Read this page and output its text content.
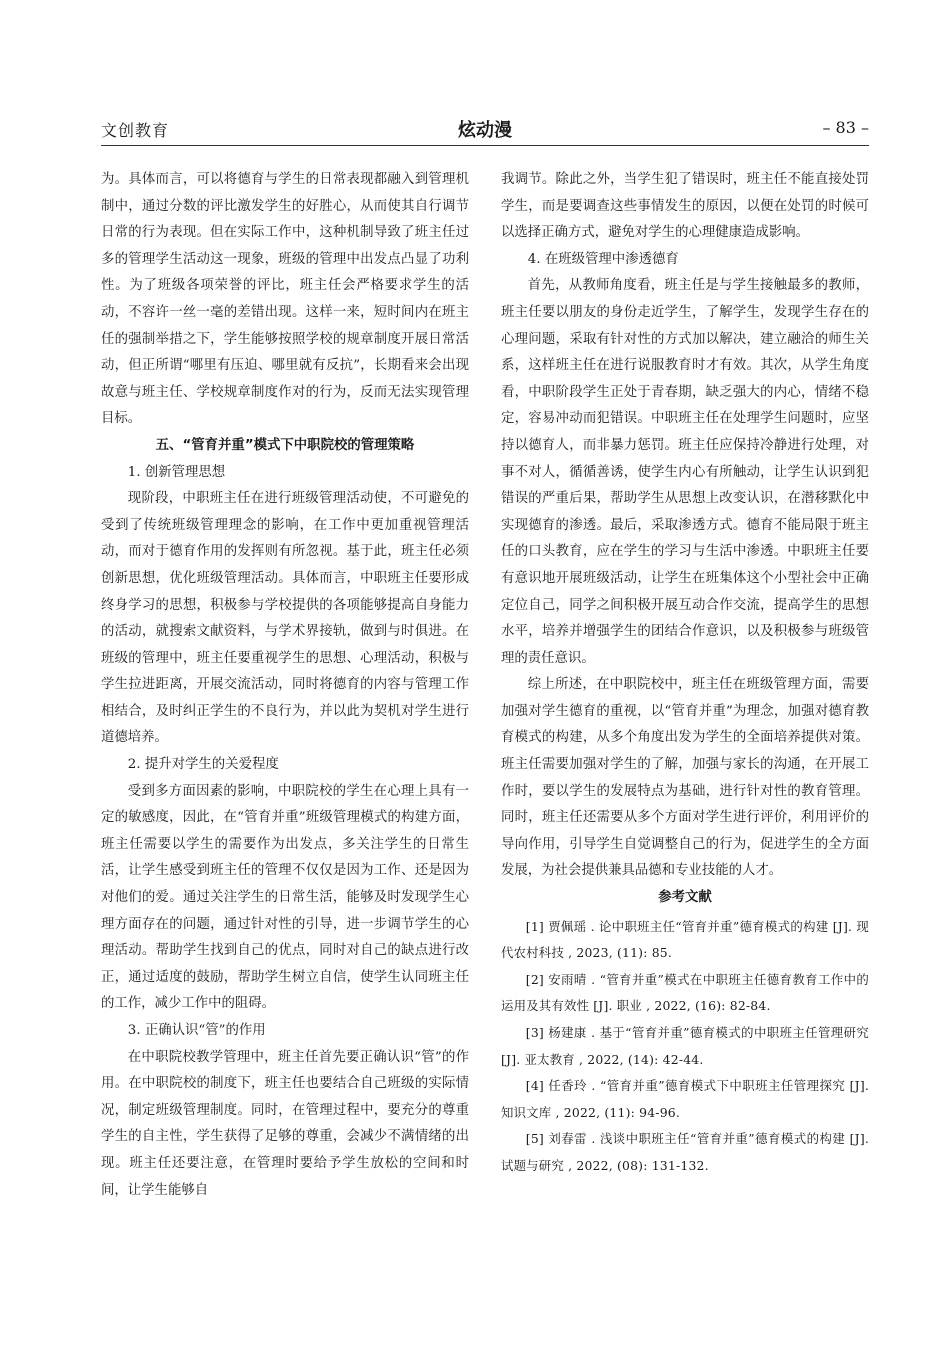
文创教育	炫动漫	– 83 –

为。具体而言，可以将德育与学生的日常表现都融入到管理机制中，通过分数的评比激发学生的好胜心，从而使其自行调节日常的行为表现。但在实际工作中，这种机制导致了班主任过多的管理学生活动这一现象，班级的管理中出发点凸显了功利性。为了班级各项荣誉的评比，班主任会严格要求学生的活动，不容许一丝一毫的差错出现。这样一来，短时间内在班主任的强制举措之下，学生能够按照学校的规章制度开展日常活动，但正所谓“哪里有压迫、哪里就有反抗”，长期看来会出现故意与班主任、学校规章制度作对的行为，反而无法实现管理目标。

五、“管育并重”模式下中职院校的管理策略
1. 创新管理思想

现阶段，中职班主任在进行班级管理活动使，不可避免的受到了传统班级管理理念的影响，在工作中更加重视管理活动，而对于德育作用的发挥则有所忽视。基于此，班主任必须创新思想，优化班级管理活动。具体而言，中职班主任要形成终身学习的思想，积极参与学校提供的各项能够提高自身能力的活动，就搜索文献资料，与学术界接轨，做到与时俱进。在班级的管理中，班主任要重视学生的思想、心理活动，积极与学生拉进距离，开展交流活动，同时将德育的内容与管理工作相结合，及时纠正学生的不良行为，并以此为契机对学生进行道德培养。

2. 提升对学生的关爱程度

受到多方面因素的影响，中职院校的学生在心理上具有一定的敏感度，因此，在“管育并重”班级管理模式的构建方面，班主任需要以学生的需要作为出发点，多关注学生的日常生活，让学生感受到班主任的管理不仅仅是因为工作、还是因为对他们的爱。通过关注学生的日常生活，能够及时发现学生心理方面存在的问题，通过针对性的引导，进一步调节学生的心理活动。帮助学生找到自己的优点，同时对自己的缺点进行改正，通过适度的鼓励，帮助学生树立自信，使学生认同班主任的工作，减少工作中的阻碍。

3. 正确认识“管”的作用

在中职院校教学管理中，班主任首先要正确认识“管”的作用。在中职院校的制度下，班主任也要结合自己班级的实际情况，制定班级管理制度。同时，在管理过程中，要充分的尊重学生的自主性，学生获得了足够的尊重，会减少不满情绪的出现。班主任还要注意，在管理时要给予学生放松的空间和时间，让学生能够自

我调节。除此之外，当学生犯了错误时，班主任不能直接处罚学生，而是要调查这些事情发生的原因，以便在处罚的时候可以选择正确方式，避免对学生的心理健康造成影响。

4. 在班级管理中渗透德育

首先，从教师角度看，班主任是与学生接触最多的教师，班主任要以朋友的身份走近学生，了解学生，发现学生存在的心理问题，采取有针对性的方式加以解决，建立融洽的师生关系，这样班主任在进行说服教育时才有效。其次，从学生角度看，中职阶段学生正处于青春期，缺乏强大的内心，情绪不稳定，容易冲动而犯错误。中职班主任在处理学生问题时，应坚持以德育人，而非暴力惩罚。班主任应保持冷静进行处理，对事不对人，循循善诱，使学生内心有所触动，让学生认识到犯错误的严重后果，帮助学生从思想上改变认识，在潜移默化中实现德育的渗透。最后，采取渗透方式。德育不能局限于班主任的口头教育，应在学生的学习与生活中渗透。中职班主任要有意识地开展班级活动，让学生在班集体这个小型社会中正确定位自己，同学之间积极开展互动合作交流，提高学生的思想水平，培养并增强学生的团结合作意识，以及积极参与班级管理的责任意识。

综上所述，在中职院校中，班主任在班级管理方面，需要加强对学生德育的重视，以“管育并重”为理念，加强对德育教育模式的构建，从多个角度出发为学生的全面培养提供对策。班主任需要加强对学生的了解，加强与家长的沟通，在开展工作时，要以学生的发展特点为基础，进行针对性的教育管理。同时，班主任还需要从多个方面对学生进行评价，利用评价的导向作用，引导学生自觉调整自己的行为，促进学生的全方面发展，为社会提供兼具品德和专业技能的人才。

参考文献

[1] 贾佩瑶 . 论中职班主任“管育并重”德育模式的构建 [J]. 现代农村科技 , 2023, (11): 85.

[2] 安雨晴 . “管育并重”模式在中职班主任德育教育工作中的运用及其有效性 [J]. 职业 , 2022, (16): 82-84.

[3] 杨建康 . 基于“管育并重”德育模式的中职班主任管理研究 [J]. 亚太教育 , 2022, (14): 42-44.

[4] 任香玲 . “管育并重”德育模式下中职班主任管理探究 [J]. 知识文库 , 2022, (11): 94-96.

[5] 刘春雷 . 浅谈中职班主任“管育并重”德育模式的构建 [J]. 试题与研究 , 2022, (08): 131-132.
